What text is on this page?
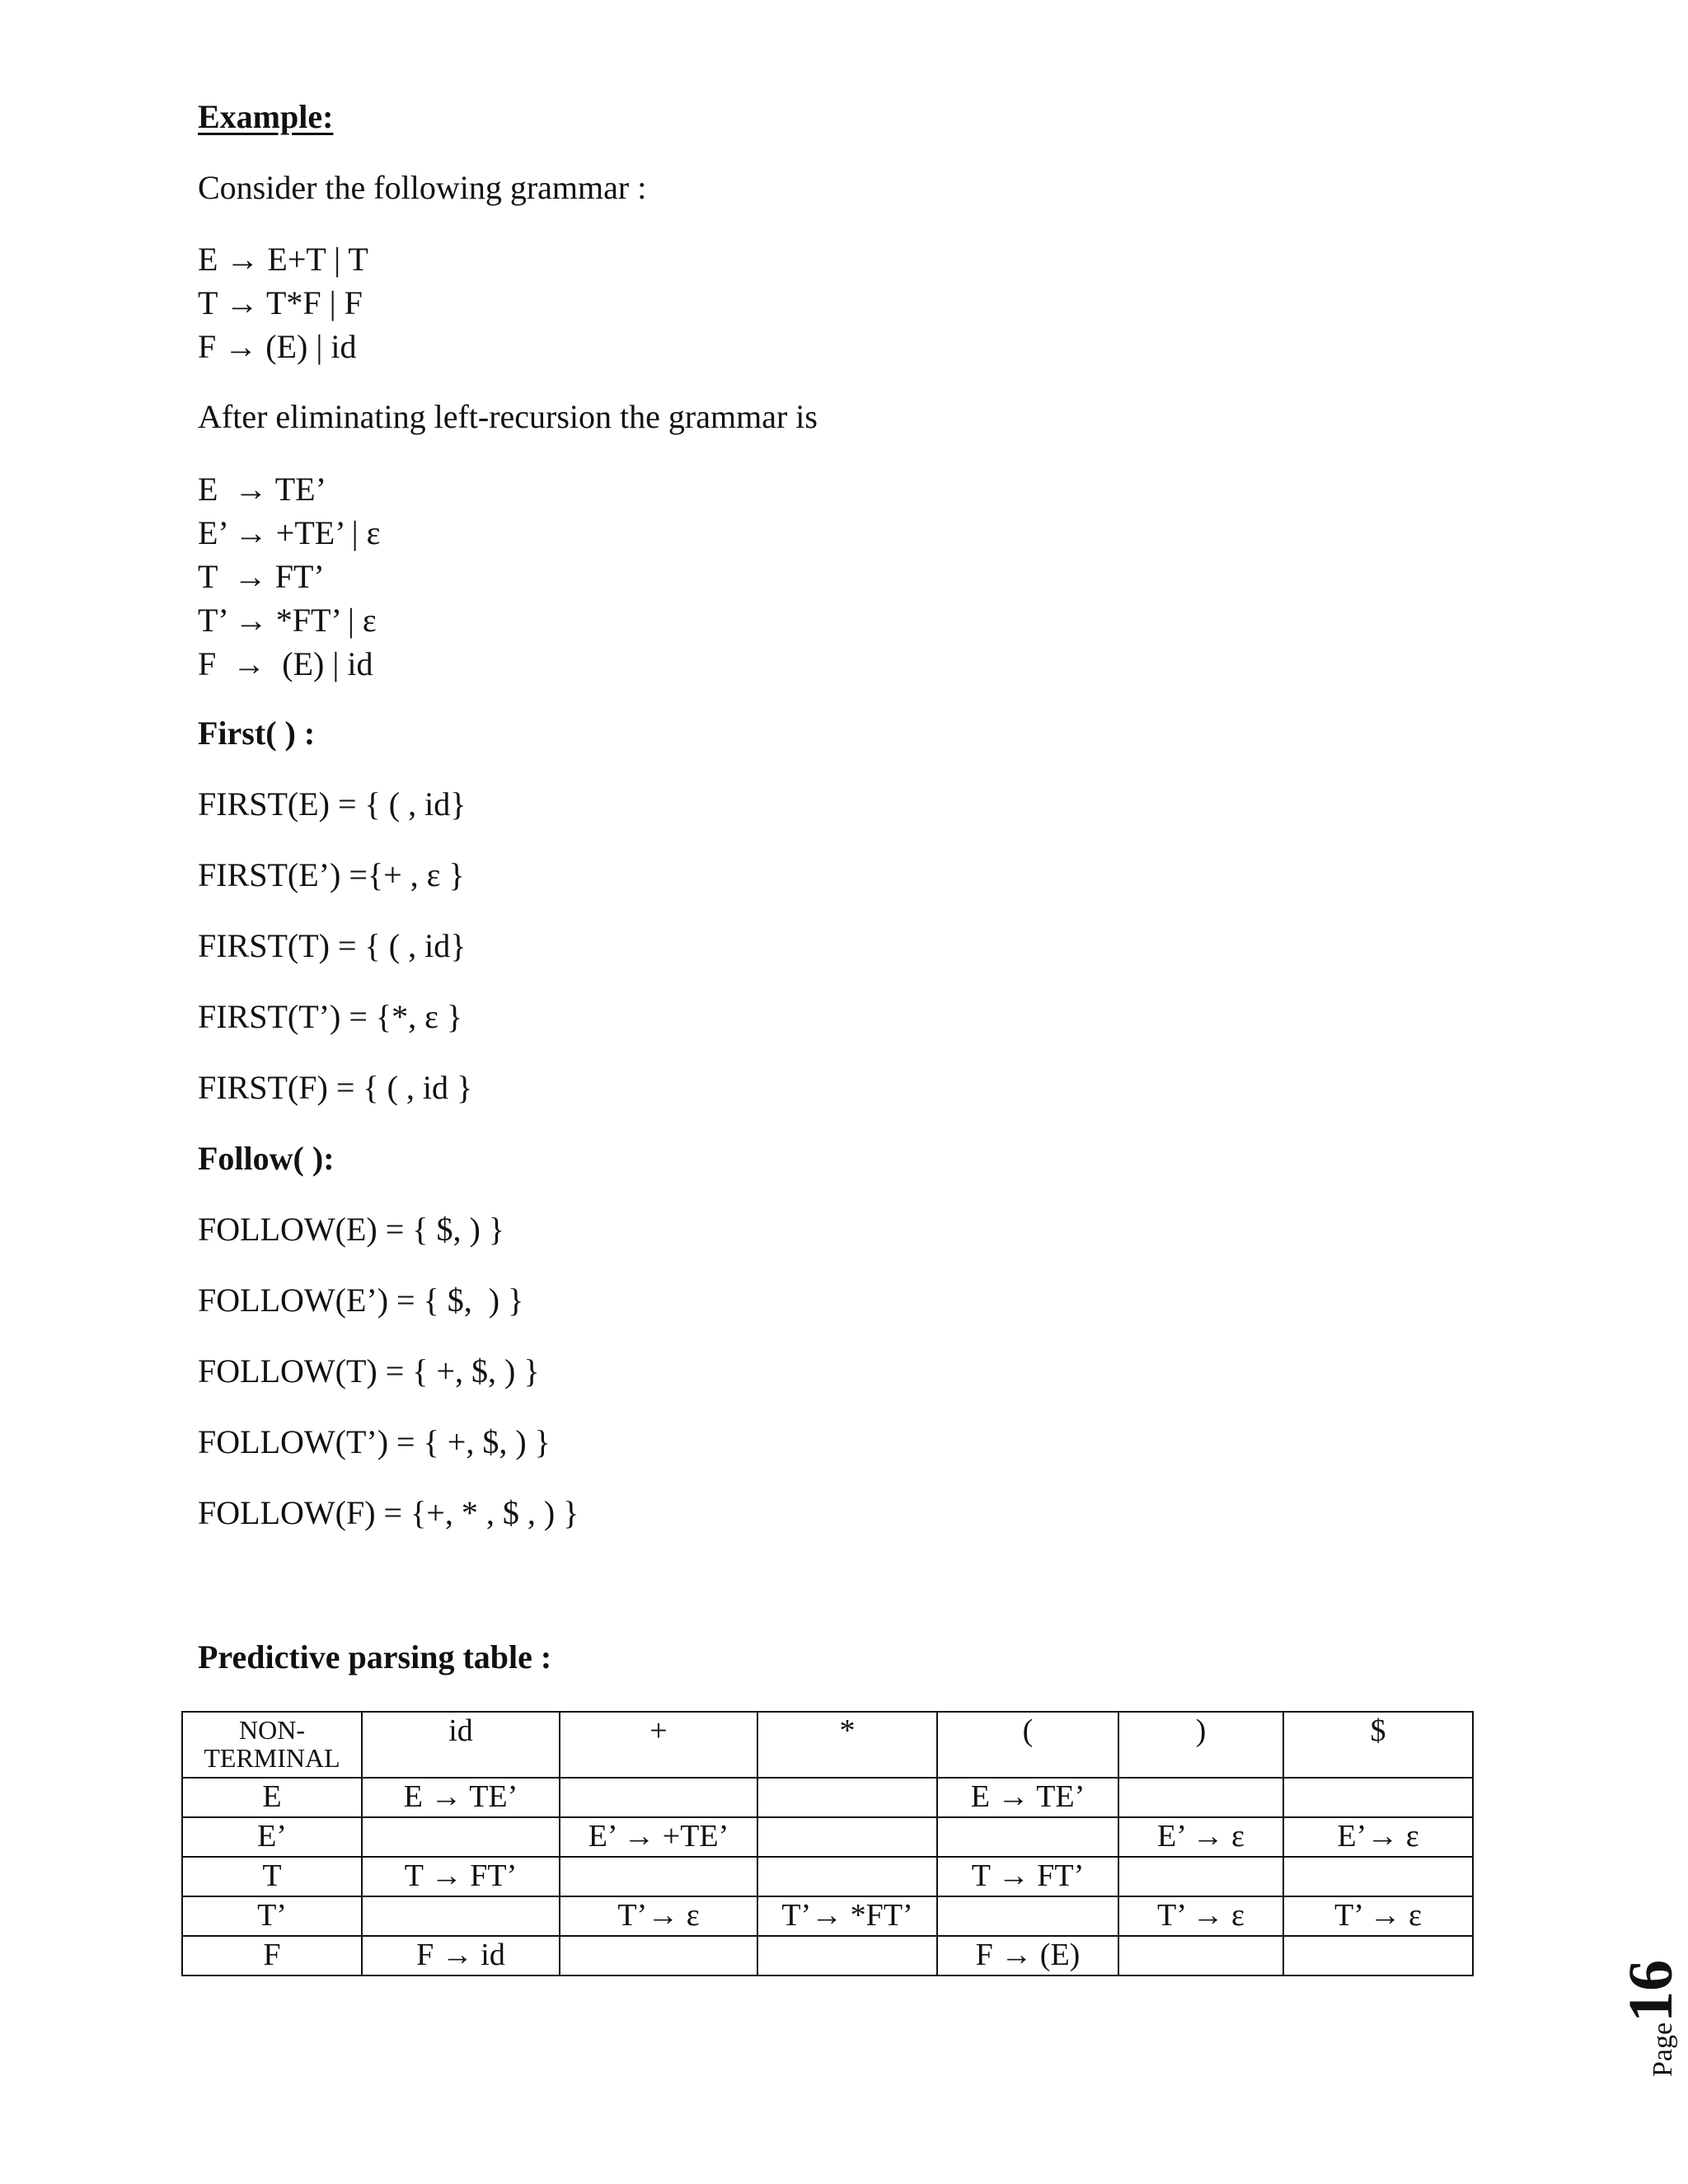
Example:
Consider the following grammar :
E → E+T | T
T → T*F | F
F → (E) | id
After eliminating left-recursion the grammar is
E  → TE’
E’ → +TE’ | ε
T  → FT’
T’ → *FT’ | ε
F  →  (E) | id
First( ) :
FIRST(E) = { ( , id}
FIRST(E’) ={+ , ε }
FIRST(T) = { ( , id}
FIRST(T’) = {*, ε }
FIRST(F) = { ( , id }
Follow( ):
FOLLOW(E) = { $, ) }
FOLLOW(E’) = { $,  ) }
FOLLOW(T) = { +, $, ) }
FOLLOW(T’) = { +, $, ) }
FOLLOW(F) = {+, * , $ , ) }
Predictive parsing table :
NON-
TERMINAL	id	+	*	(	)	$
E	E → TE’			E → TE’		
E’		E’ → +TE’			E’ → ε	E’→ ε
T	T → FT’			T → FT’		
T’		T’→ ε	T’→ *FT’		T’ → ε	T’ → ε
F	F → id			F → (E)		
Page16
